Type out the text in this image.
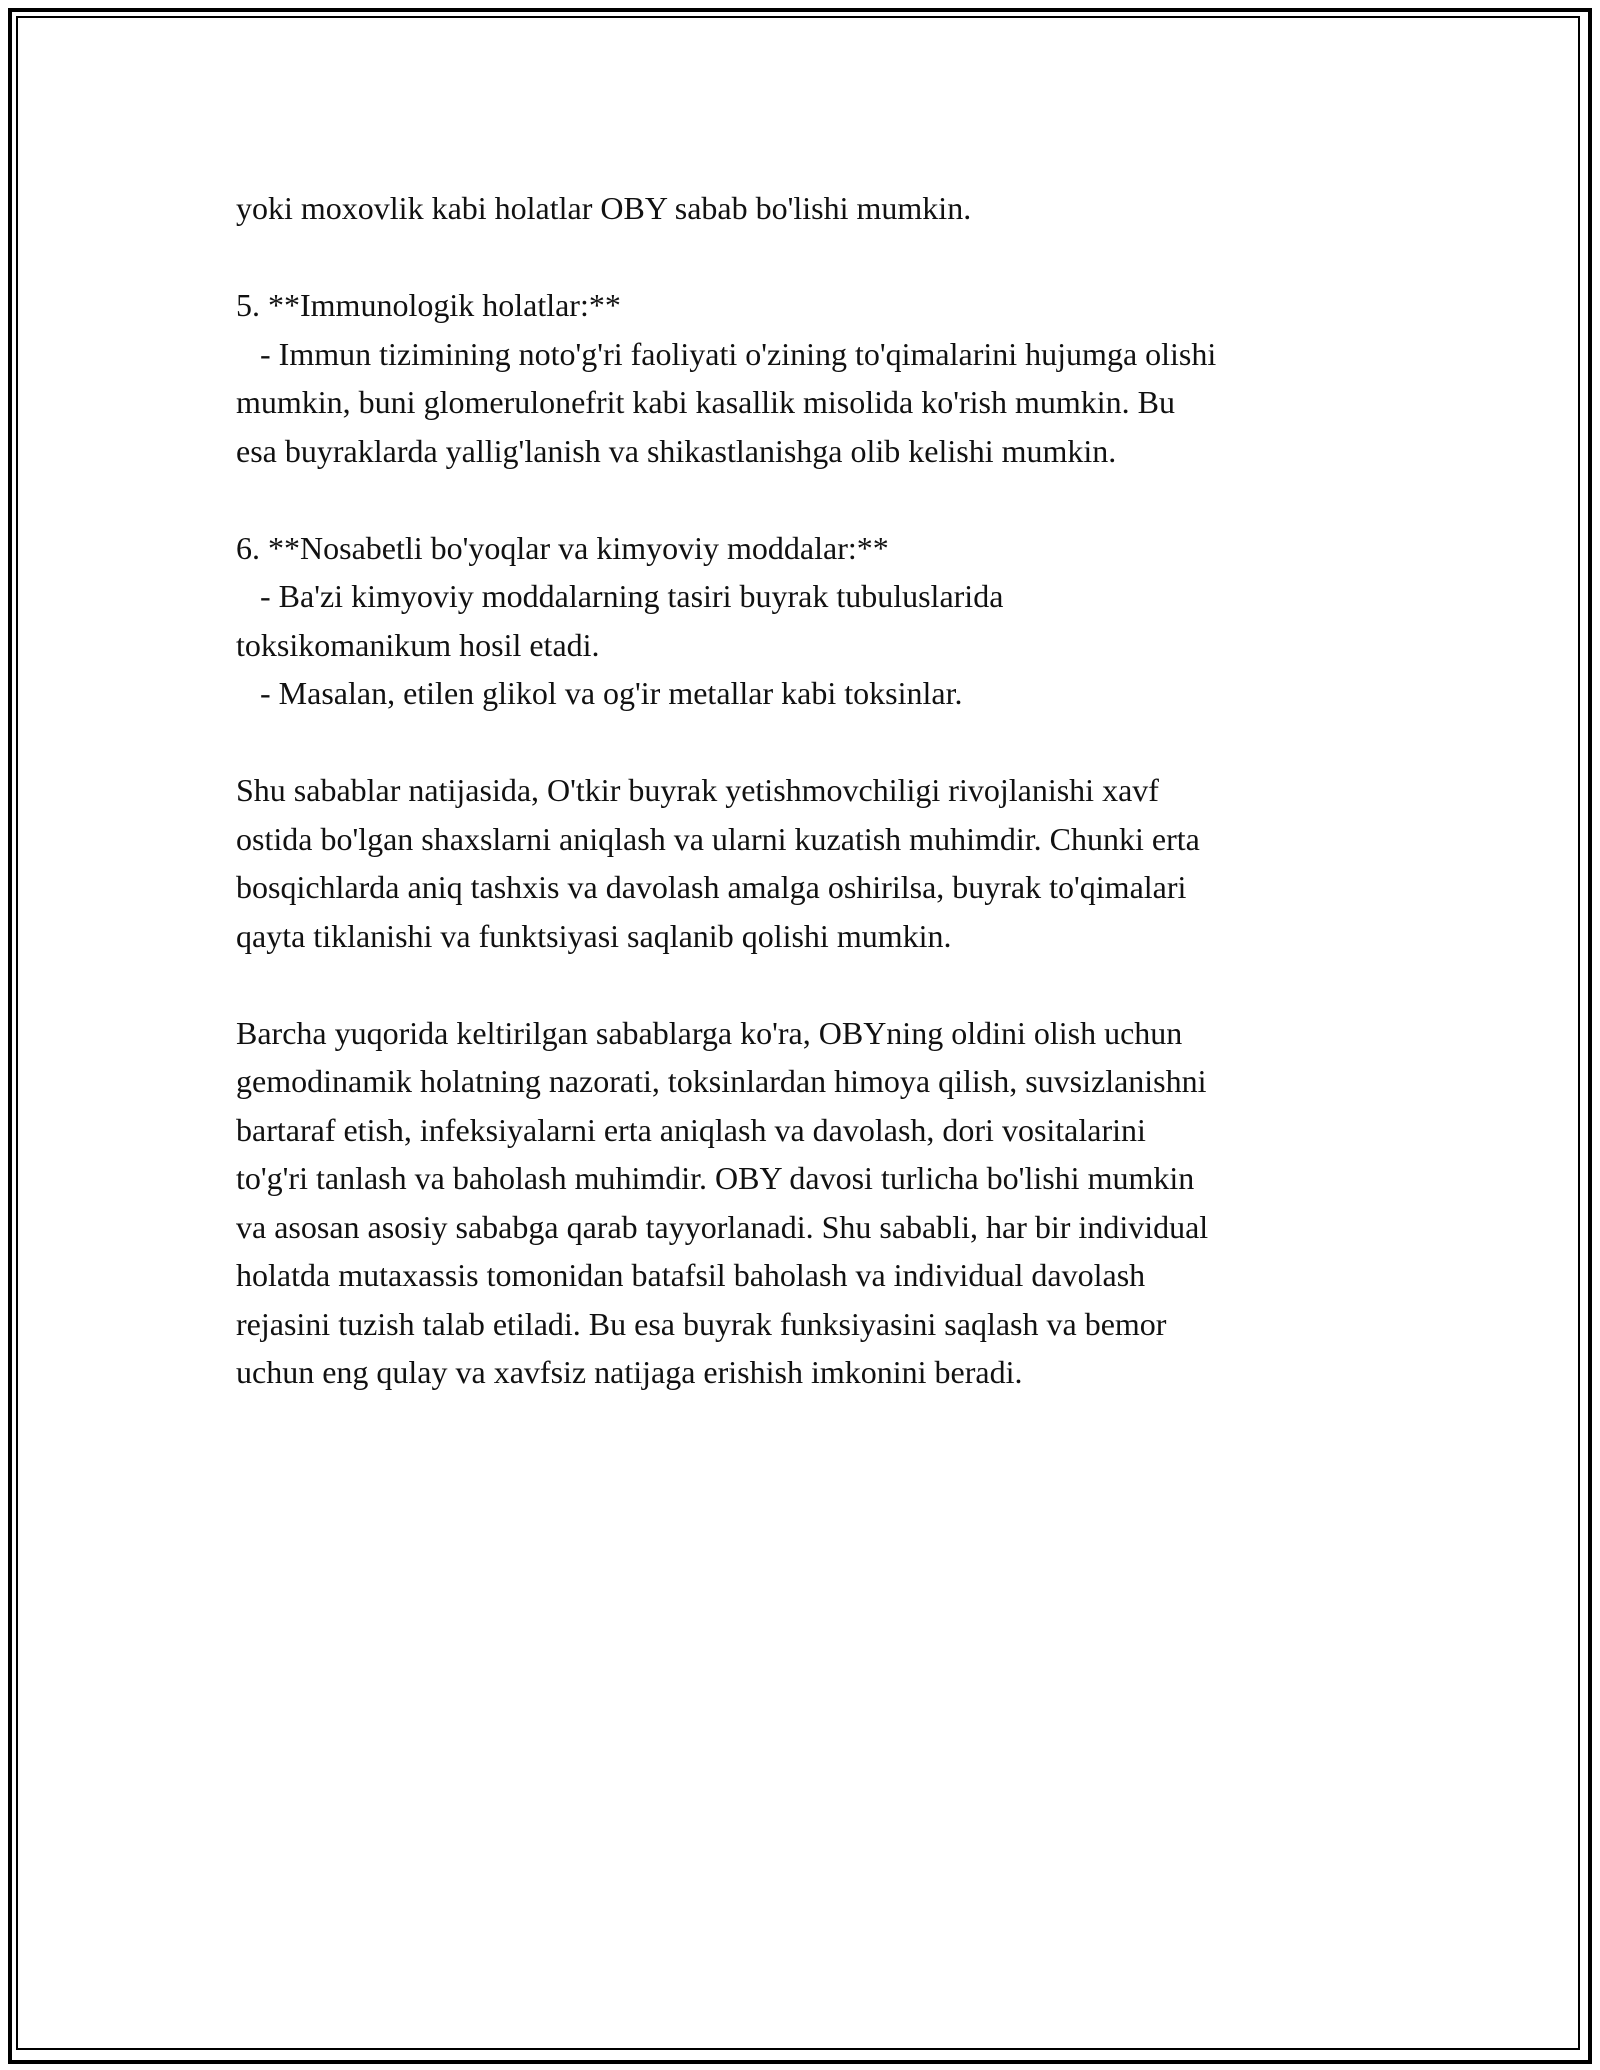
yoki moxovlik kabi holatlar OBY sabab bo'lishi mumkin.
5. **Immunologik holatlar:**
- Immun tizimining noto'g'ri faoliyati o'zining to'qimalarini hujumga olishi
mumkin, buni glomerulonefrit kabi kasallik misolida ko'rish mumkin. Bu
esa buyraklarda yallig'lanish va shikastlanishga olib kelishi mumkin.
6. **Nosabetli bo'yoqlar va kimyoviy moddalar:**
- Ba'zi kimyoviy moddalarning tasiri buyrak tubuluslarida
toksikomanikum hosil etadi.
- Masalan, etilen glikol va og'ir metallar kabi toksinlar.
Shu sabablar natijasida, O'tkir buyrak yetishmovchiligi rivojlanishi xavf
ostida bo'lgan shaxslarni aniqlash va ularni kuzatish muhimdir. Chunki erta
bosqichlarda aniq tashxis va davolash amalga oshirilsa, buyrak to'qimalari
qayta tiklanishi va funktsiyasi saqlanib qolishi mumkin.
Barcha yuqorida keltirilgan sabablarga ko'ra, OBYning oldini olish uchun
gemodinamik holatning nazorati, toksinlardan himoya qilish, suvsizlanishni
bartaraf etish, infeksiyalarni erta aniqlash va davolash, dori vositalarini
to'g'ri tanlash va baholash muhimdir. OBY davosi turlicha bo'lishi mumkin
va asosan asosiy sababga qarab tayyorlanadi. Shu sababli, har bir individual
holatda mutaxassis tomonidan batafsil baholash va individual davolash
rejasini tuzish talab etiladi. Bu esa buyrak funksiyasini saqlash va bemor
uchun eng qulay va xavfsiz natijaga erishish imkonini beradi.
